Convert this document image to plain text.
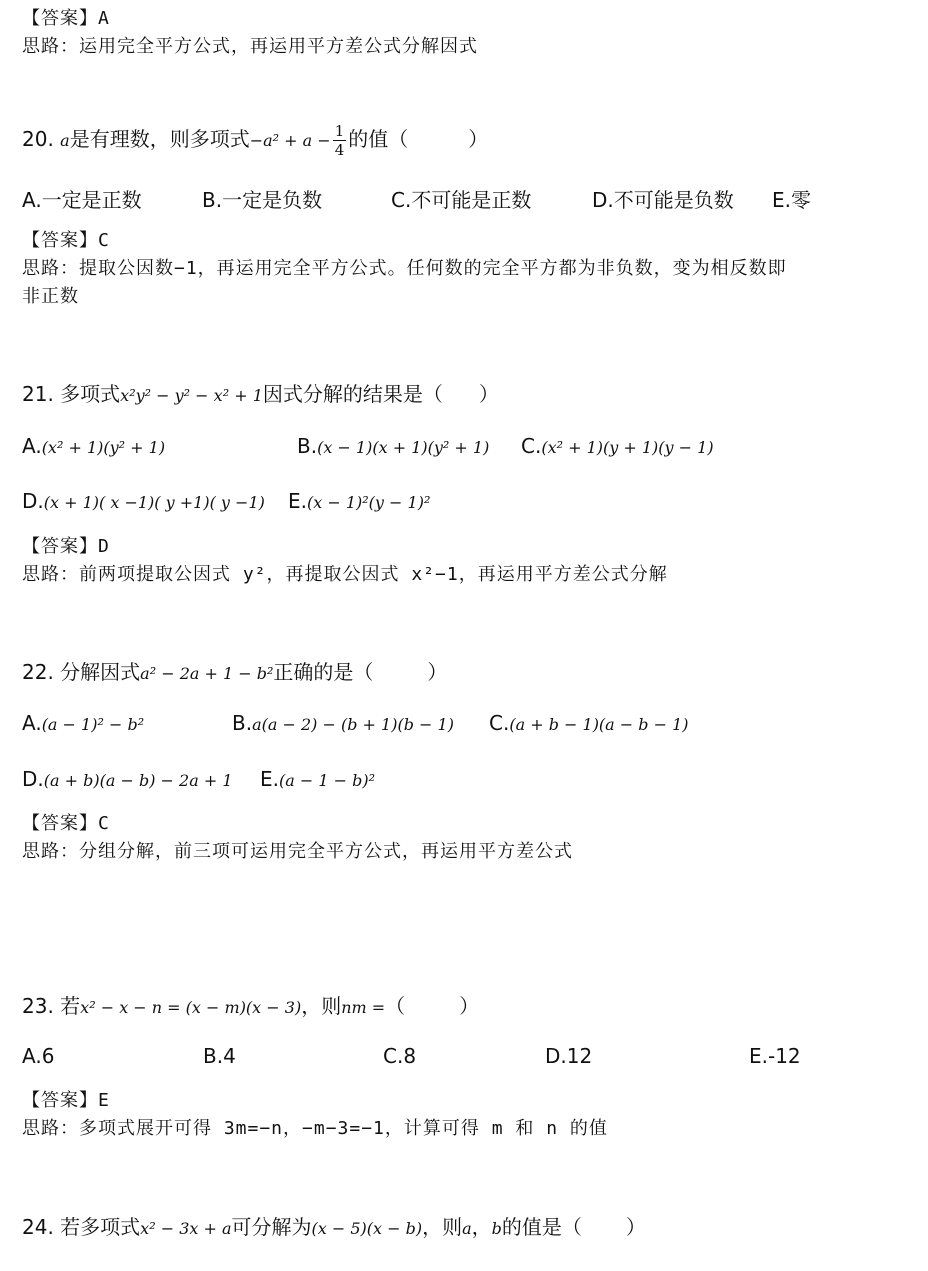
【答案】A
思路：运用完全平方公式，再运用平方差公式分解因式
20. a是有理数，则多项式$-a^2 + a - \frac{1}{4}$ 的值（	）
A.一定是正数	B.一定是负数	C.不可能是正数	D.不可能是负数 E.零
【答案】C
思路：提取公因数−1，再运用完全平方公式。任何数的完全平方都为非负数，变为相反数即
非正数
21. 多项式x²y² − y² − x² + 1因式分解的结果是（ ）
A.(x² + 1)(y² + 1)	B.(x − 1)(x + 1)(y² + 1) C.(x² + 1)(y + 1)(y − 1)
D.(x + 1)( x −1)( y +1)( y −1) E.(x − 1)²(y − 1)²
【答案】D
思路：前两项提取公因式 y²，再提取公因式 x²−1，再运用平方差公式分解
22. 分解因式a² − 2a + 1 − b²正确的是（	）
A.(a − 1)² − b²	B.a(a − 2) − (b + 1)(b − 1) C.(a + b − 1)(a − b − 1)
D.(a + b)(a − b) − 2a + 1 E.(a − 1 − b)²
【答案】C
思路：分组分解，前三项可运用完全平方公式，再运用平方差公式
23. 若x² − x − n = (x − m)(x − 3)，则nm =（	）
A.6	B.4	C.8	D.12	E.-12
【答案】E
思路：多项式展开可得 3m=−n，−m−3=−1，计算可得 m 和 n 的值
24. 若多项式x² − 3x + a可分解为(x − 5)(x − b)，则a，b的值是（ ）
